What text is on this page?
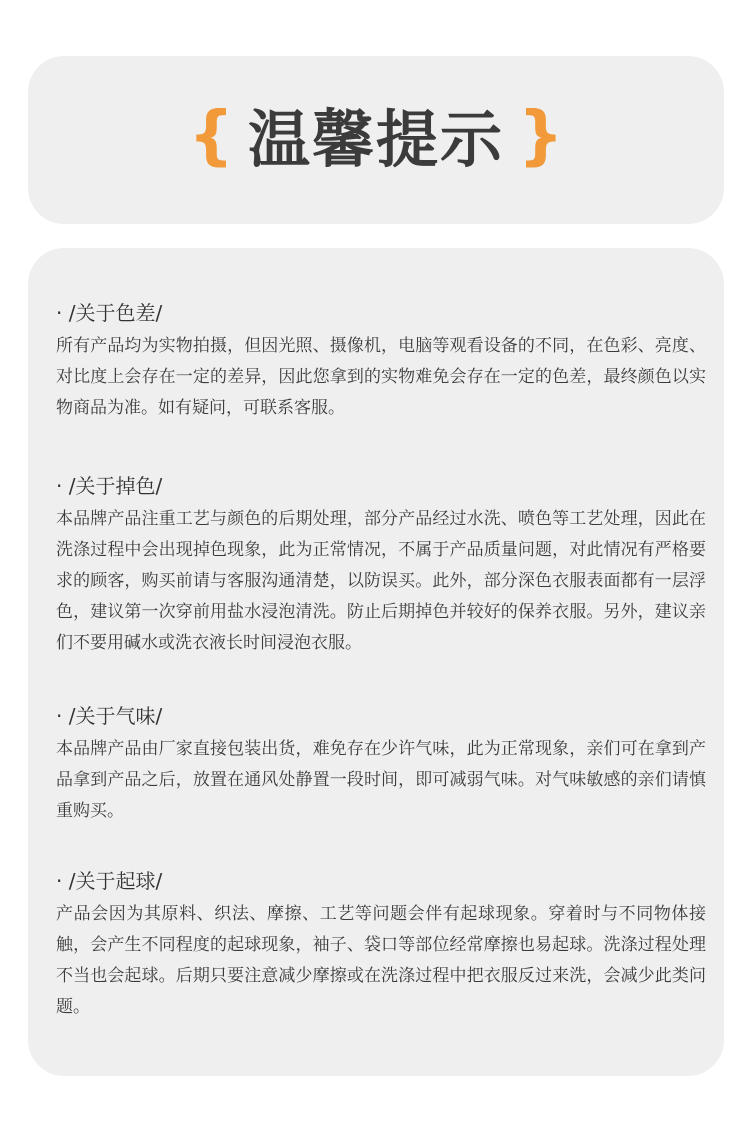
{ 温馨提示 }

· /关于色差/

所有产品均为实物拍摄，但因光照、摄像机，电脑等观看设备的不同，在色彩、亮度、对比度上会存在一定的差异，因此您拿到的实物难免会存在一定的色差，最终颜色以实物商品为准。如有疑问，可联系客服。

· /关于掉色/

本品牌产品注重工艺与颜色的后期处理，部分产品经过水洗、喷色等工艺处理，因此在洗涤过程中会出现掉色现象，此为正常情况，不属于产品质量问题，对此情况有严格要求的顾客，购买前请与客服沟通清楚，以防误买。此外，部分深色衣服表面都有一层浮色，建议第一次穿前用盐水浸泡清洗。防止后期掉色并较好的保养衣服。另外，建议亲们不要用碱水或洗衣液长时间浸泡衣服。

· /关于气味/

本品牌产品由厂家直接包装出货，难免存在少许气味，此为正常现象，亲们可在拿到产品拿到产品之后，放置在通风处静置一段时间，即可减弱气味。对气味敏感的亲们请慎重购买。

· /关于起球/

产品会因为其原料、织法、摩擦、工艺等问题会伴有起球现象。穿着时与不同物体接触，会产生不同程度的起球现象，袖子、袋口等部位经常摩擦也易起球。洗涤过程处理不当也会起球。后期只要注意减少摩擦或在洗涤过程中把衣服反过来洗，会减少此类问题。
